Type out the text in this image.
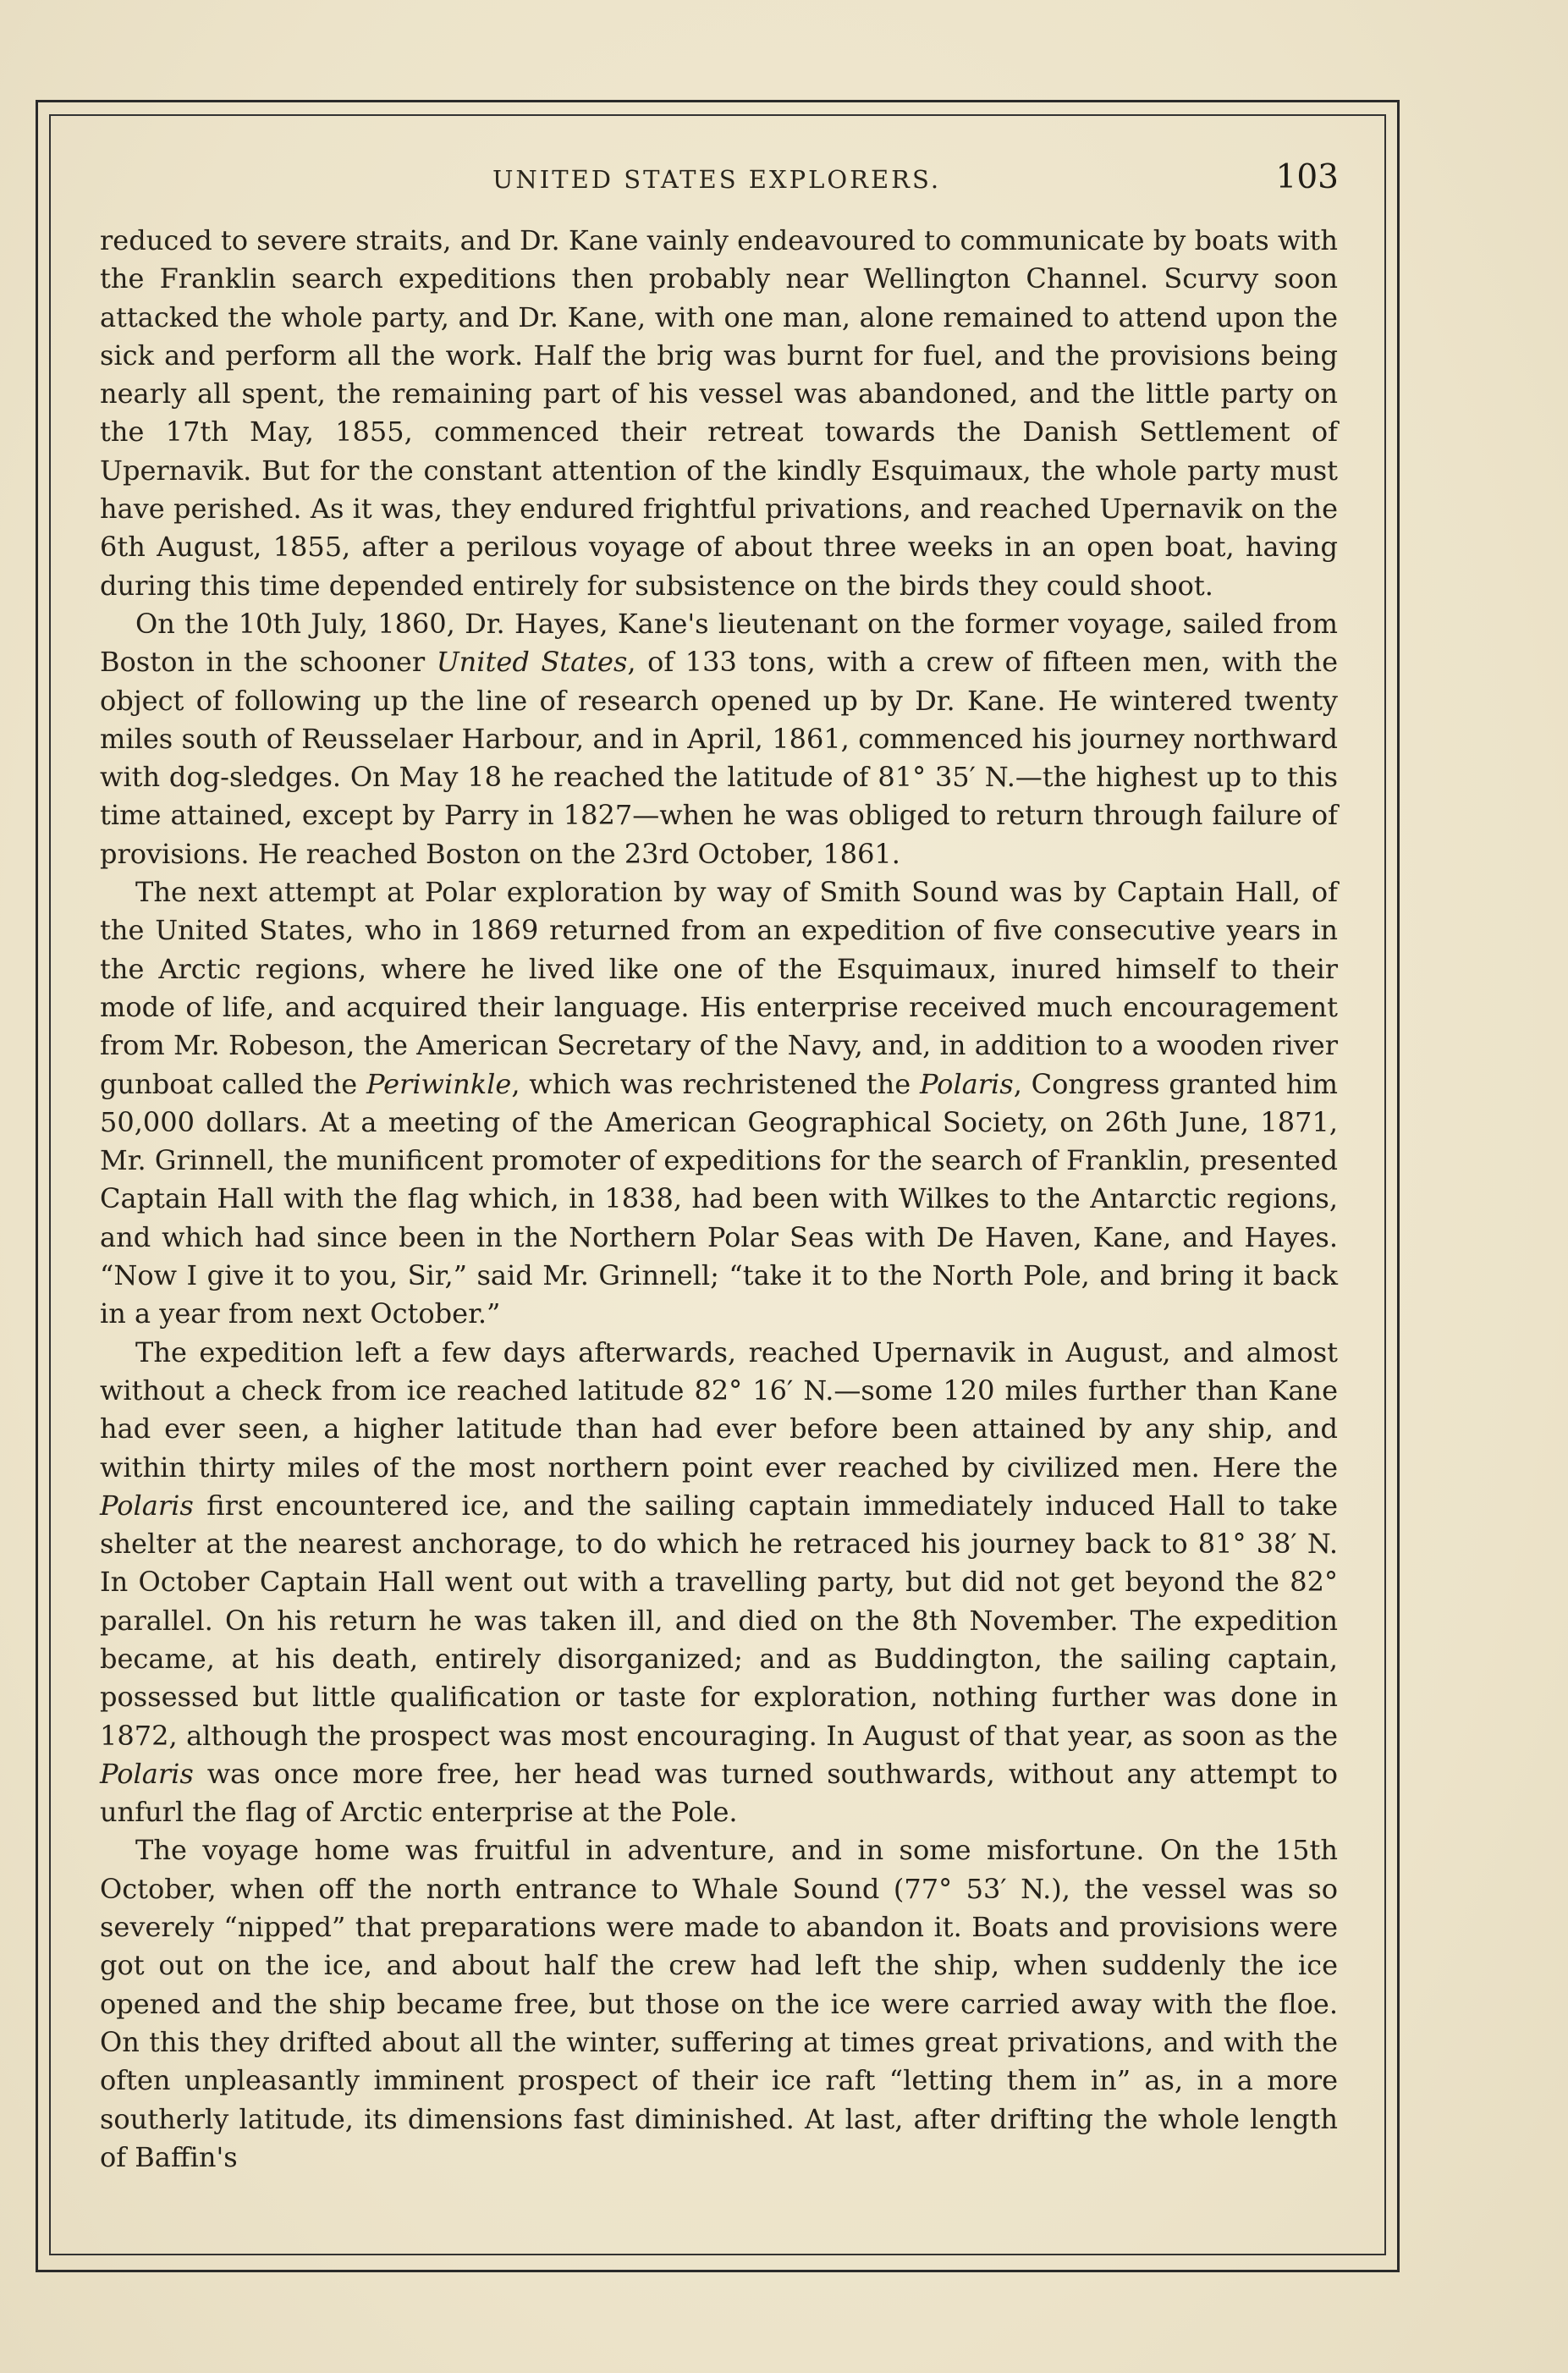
UNITED STATES EXPLORERS.	103

reduced to severe straits, and Dr. Kane vainly endeavoured to communicate by boats with the Franklin search expeditions then probably near Wellington Channel. Scurvy soon attacked the whole party, and Dr. Kane, with one man, alone remained to attend upon the sick and perform all the work. Half the brig was burnt for fuel, and the provisions being nearly all spent, the remaining part of his vessel was abandoned, and the little party on the 17th May, 1855, commenced their retreat towards the Danish Settlement of Upernavik. But for the constant attention of the kindly Esquimaux, the whole party must have perished. As it was, they endured frightful privations, and reached Upernavik on the 6th August, 1855, after a perilous voyage of about three weeks in an open boat, having during this time depended entirely for subsistence on the birds they could shoot.

On the 10th July, 1860, Dr. Hayes, Kane's lieutenant on the former voyage, sailed from Boston in the schooner United States, of 133 tons, with a crew of fifteen men, with the object of following up the line of research opened up by Dr. Kane. He wintered twenty miles south of Reusselaer Harbour, and in April, 1861, commenced his journey northward with dog-sledges. On May 18 he reached the latitude of 81° 35′ N.—the highest up to this time attained, except by Parry in 1827—when he was obliged to return through failure of provisions. He reached Boston on the 23rd October, 1861.

The next attempt at Polar exploration by way of Smith Sound was by Captain Hall, of the United States, who in 1869 returned from an expedition of five consecutive years in the Arctic regions, where he lived like one of the Esquimaux, inured himself to their mode of life, and acquired their language. His enterprise received much encouragement from Mr. Robeson, the American Secretary of the Navy, and, in addition to a wooden river gunboat called the Periwinkle, which was rechristened the Polaris, Congress granted him 50,000 dollars. At a meeting of the American Geographical Society, on 26th June, 1871, Mr. Grinnell, the munificent promoter of expeditions for the search of Franklin, presented Captain Hall with the flag which, in 1838, had been with Wilkes to the Antarctic regions, and which had since been in the Northern Polar Seas with De Haven, Kane, and Hayes. “Now I give it to you, Sir,” said Mr. Grinnell; “take it to the North Pole, and bring it back in a year from next October.”

The expedition left a few days afterwards, reached Upernavik in August, and almost without a check from ice reached latitude 82° 16′ N.—some 120 miles further than Kane had ever seen, a higher latitude than had ever before been attained by any ship, and within thirty miles of the most northern point ever reached by civilized men. Here the Polaris first encountered ice, and the sailing captain immediately induced Hall to take shelter at the nearest anchorage, to do which he retraced his journey back to 81° 38′ N. In October Captain Hall went out with a travelling party, but did not get beyond the 82° parallel. On his return he was taken ill, and died on the 8th November. The expedition became, at his death, entirely disorganized; and as Buddington, the sailing captain, possessed but little qualification or taste for exploration, nothing further was done in 1872, although the prospect was most encouraging. In August of that year, as soon as the Polaris was once more free, her head was turned southwards, without any attempt to unfurl the flag of Arctic enterprise at the Pole.

The voyage home was fruitful in adventure, and in some misfortune. On the 15th October, when off the north entrance to Whale Sound (77° 53′ N.), the vessel was so severely “nipped” that preparations were made to abandon it. Boats and provisions were got out on the ice, and about half the crew had left the ship, when suddenly the ice opened and the ship became free, but those on the ice were carried away with the floe. On this they drifted about all the winter, suffering at times great privations, and with the often unpleasantly imminent prospect of their ice raft “letting them in” as, in a more southerly latitude, its dimensions fast diminished. At last, after drifting the whole length of Baffin's
